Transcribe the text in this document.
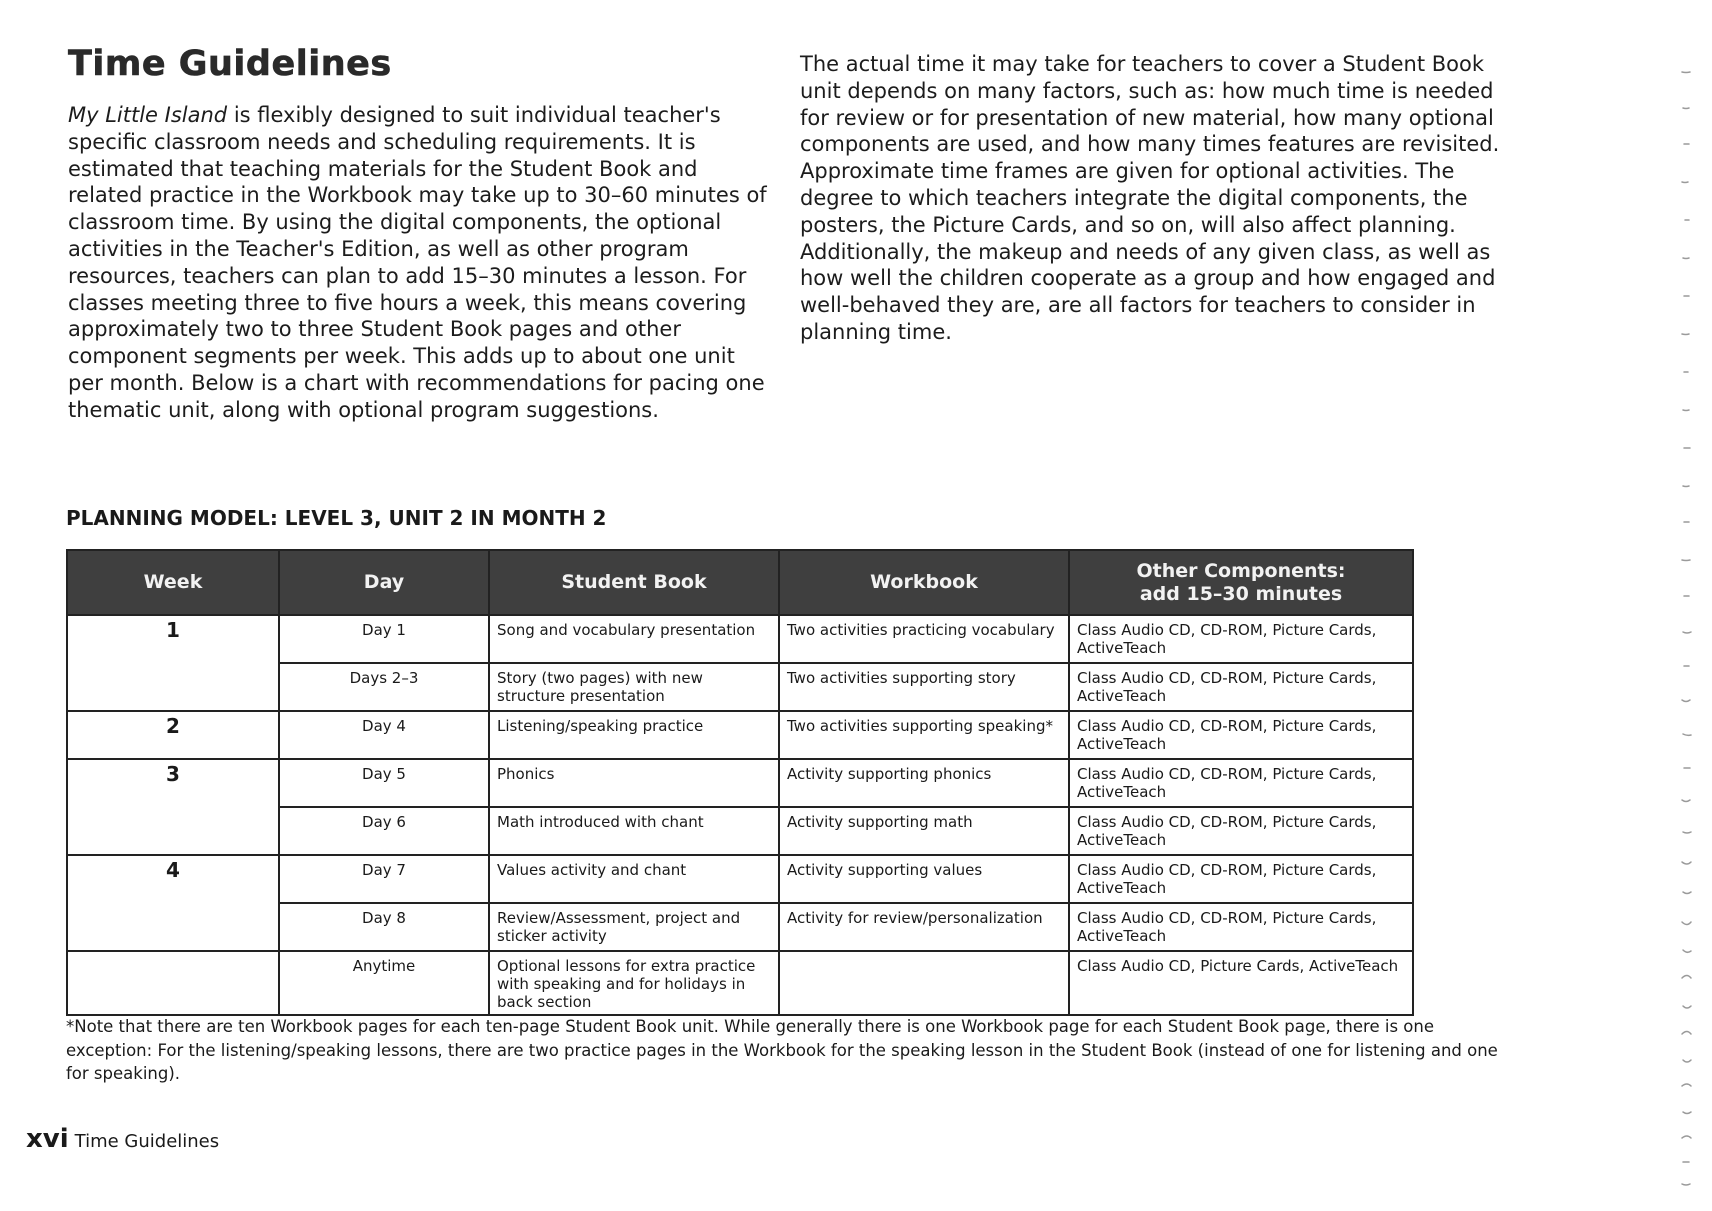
Time Guidelines

My Little Island is flexibly designed to suit individual teacher's specific classroom needs and scheduling requirements. It is estimated that teaching materials for the Student Book and related practice in the Workbook may take up to 30–60 minutes of classroom time. By using the digital components, the optional activities in the Teacher's Edition, as well as other program resources, teachers can plan to add 15–30 minutes a lesson. For classes meeting three to five hours a week, this means covering approximately two to three Student Book pages and other component segments per week. This adds up to about one unit per month. Below is a chart with recommendations for pacing one thematic unit, along with optional program suggestions.

The actual time it may take for teachers to cover a Student Book unit depends on many factors, such as: how much time is needed for review or for presentation of new material, how many optional components are used, and how many times features are revisited. Approximate time frames are given for optional activities. The degree to which teachers integrate the digital components, the posters, the Picture Cards, and so on, will also affect planning. Additionally, the makeup and needs of any given class, as well as how well the children cooperate as a group and how engaged and well-behaved they are, are all factors for teachers to consider in planning time.

PLANNING MODEL: LEVEL 3, UNIT 2 IN MONTH 2
Week	Day	Student Book	Workbook	Other Components:
add 15–30 minutes
1	Day 1	Song and vocabulary presentation	Two activities practicing vocabulary	Class Audio CD, CD-ROM, Picture Cards, ActiveTeach
	Days 2–3	Story (two pages) with new structure presentation	Two activities supporting story	Class Audio CD, CD-ROM, Picture Cards, ActiveTeach
2	Day 4	Listening/speaking practice	Two activities supporting speaking*	Class Audio CD, CD-ROM, Picture Cards, ActiveTeach
3	Day 5	Phonics	Activity supporting phonics	Class Audio CD, CD-ROM, Picture Cards, ActiveTeach
	Day 6	Math introduced with chant	Activity supporting math	Class Audio CD, CD-ROM, Picture Cards, ActiveTeach
4	Day 7	Values activity and chant	Activity supporting values	Class Audio CD, CD-ROM, Picture Cards, ActiveTeach
	Day 8	Review/Assessment, project and sticker activity	Activity for review/personalization	Class Audio CD, CD-ROM, Picture Cards, ActiveTeach
	Anytime	Optional lessons for extra practice with speaking and for holidays in back section		Class Audio CD, Picture Cards, ActiveTeach

*Note that there are ten Workbook pages for each ten-page Student Book unit. While generally there is one Workbook page for each Student Book page, there is one exception: For the listening/speaking lessons, there are two practice pages in the Workbook for the speaking lesson in the Student Book (instead of one for listening and one for speaking).

xvi Time Guidelines
